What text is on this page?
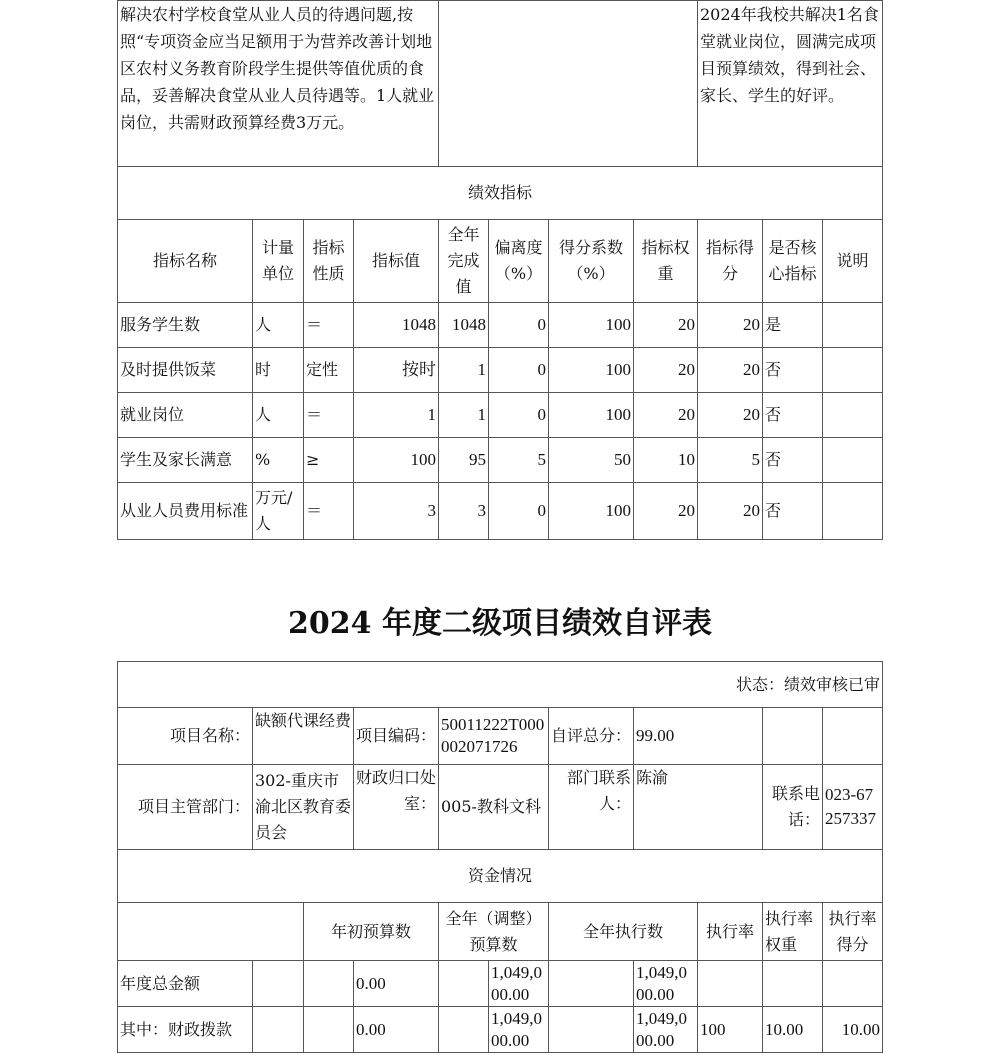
解决农村学校食堂从业人员的待遇问题,按照“专项资金应当足额用于为营养改善计划地区农村义务教育阶段学生提供等值优质的食品，妥善解决食堂从业人员待遇等。1人就业岗位，共需财政预算经费3万元。								2024年我校共解决1名食堂就业岗位，圆满完成项目预算绩效，得到社会、家长、学生的好评。		
绩效指标										
指标名称	计量单位	指标性质	指标值	全年完成值	偏离度（%）	得分系数（%）	指标权重	指标得分	是否核心指标	说明
服务学生数	人	＝	1048	1048	0	100	20	20	是	
及时提供饭菜	时	定性	按时	1	0	100	20	20	否	
就业岗位	人	＝	1	1	0	100	20	20	否	
学生及家长满意	%	≥	100	95	5	50	10	5	否	
从业人员费用标准	万元/人	＝	3	3	0	100	20	20	否	
2024 年度二级项目绩效自评表
状态：绩效审核已审										
项目名称：	缺额代课经费		项目编码：	50011222T000002071726		自评总分：	99.00			
项目主管部门：	302-重庆市渝北区教育委员会		财政归口处室：	005-教科文科		部门联系人：	陈渝		联系电话：	023-67257337
资金情况										
		年初预算数		全年（调整）预算数		全年执行数		执行率	执行率权重	执行率得分
年度总金额			0.00		1,049,000.00		1,049,000.00			
其中：财政拨款			0.00		1,049,000.00		1,049,000.00	100	10.00	10.00
